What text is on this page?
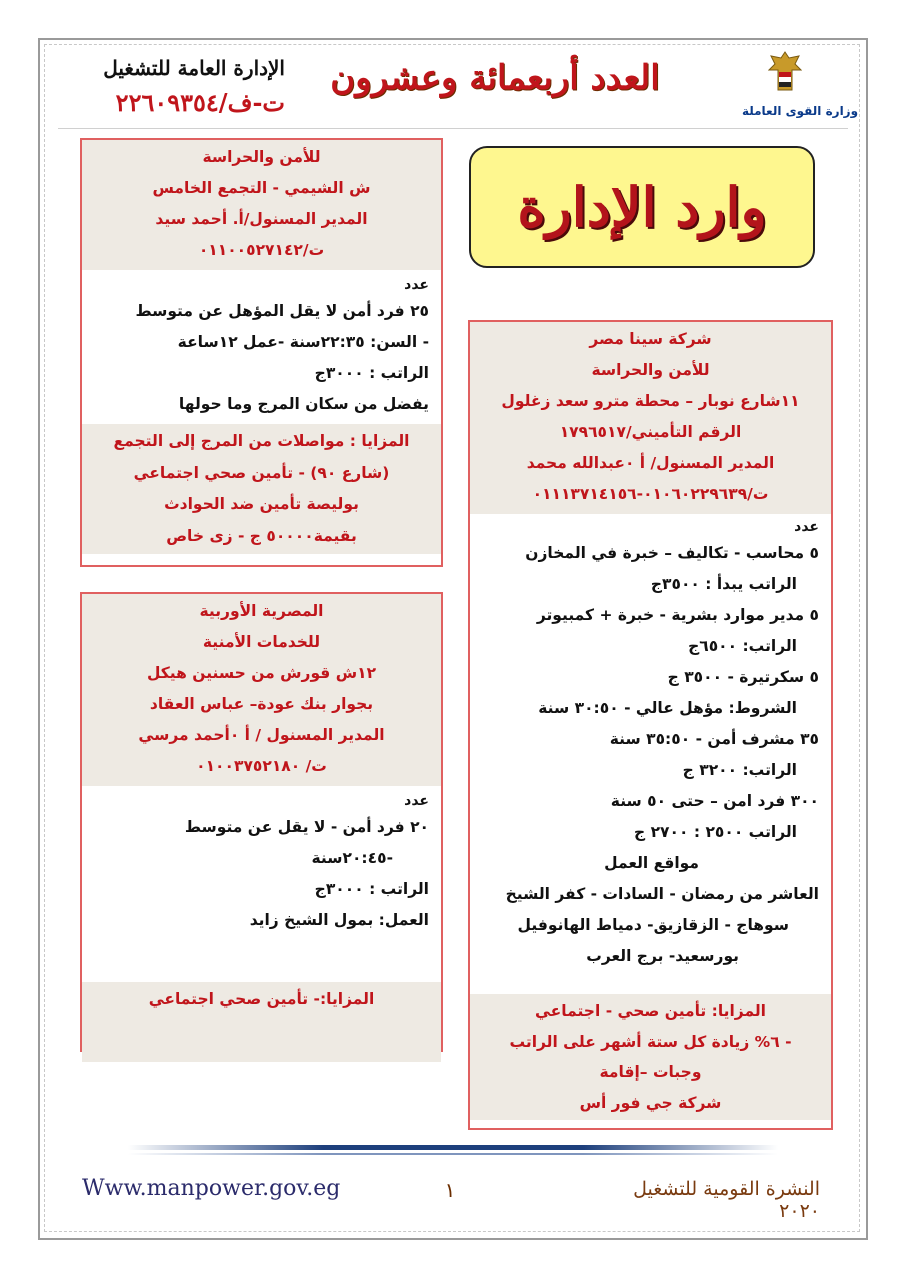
الإدارة العامة للتشغيل
ت-ف/٢٢٦٠٩٣٥٤
العدد أربعمائة وعشرون
وزارة القوى العاملة
وارد الإدارة
للأمن والحراسة
ش الشيمي - التجمع الخامس
المدير المسنول/أ. أحمد سيد
ت/٠١١٠٠٥٢٧١٤٢
عدد
٢٥ فرد أمن لا يقل المؤهل عن متوسط
- السن: ٢٢:٣٥سنة -عمل ١٢ساعة
الراتب : ٣٠٠٠ج
يفضل من سكان المرج وما حولها
المزايا : مواصلات من المرج إلى التجمع
(شارع ٩٠) - تأمين صحي اجتماعي
بوليصة تأمين ضد الحوادث
بقيمة٥٠٠٠٠ ج - زى خاص
شركة سينا مصر
للأمن والحراسة
١١شارع نوبار – محطة مترو سعد زغلول
الرقم التأميني/١٧٩٦٥١٧
المدير المسنول/ أ ٠عبدالله محمد
ت/٠١٠٦٠٢٢٩٦٣٩-٠١١١٣٧١٤١٥٦
عدد
٥ محاسب - تكاليف – خبرة في المخازن
الراتب يبدأ : ٣٥٠٠ج
٥ مدير موارد بشرية - خبرة + كمبيوتر
الراتب: ٦٥٠٠ج
٥ سكرتيرة - ٣٥٠٠ ج
الشروط: مؤهل عالي - ٣٠:٥٠ سنة
٣٥ مشرف أمن - ٣٥:٥٠ سنة
الراتب: ٣٢٠٠ ج
٣٠٠ فرد امن – حتى ٥٠ سنة
الراتب ٢٥٠٠ : ٢٧٠٠ ج
مواقع العمل
العاشر من رمضان - السادات - كفر الشيخ
سوهاج - الزقازيق- دمياط الهانوفيل
بورسعيد- برج العرب
المزايا: تأمين صحي - اجتماعي
- ٦% زيادة كل ستة أشهر على الراتب
وجبات –إقامة
شركة جي فور أس
المصرية الأوربية
للخدمات الأمنية
١٢ش قورش من حسنين هيكل
بجوار بنك عودة– عباس العقاد
المدير المسنول / أ ٠أحمد مرسي
ت/ ٠١٠٠٣٧٥٢١٨٠
عدد
٢٠ فرد أمن - لا يقل عن متوسط
-٢٠:٤٥سنة
الراتب : ٣٠٠٠ج
العمل: بمول الشيخ زايد
المزايا:- تأمين صحي اجتماعي
Www.manpower.gov.eg	١	النشرة القومية للتشغيل ٢٠٢٠
